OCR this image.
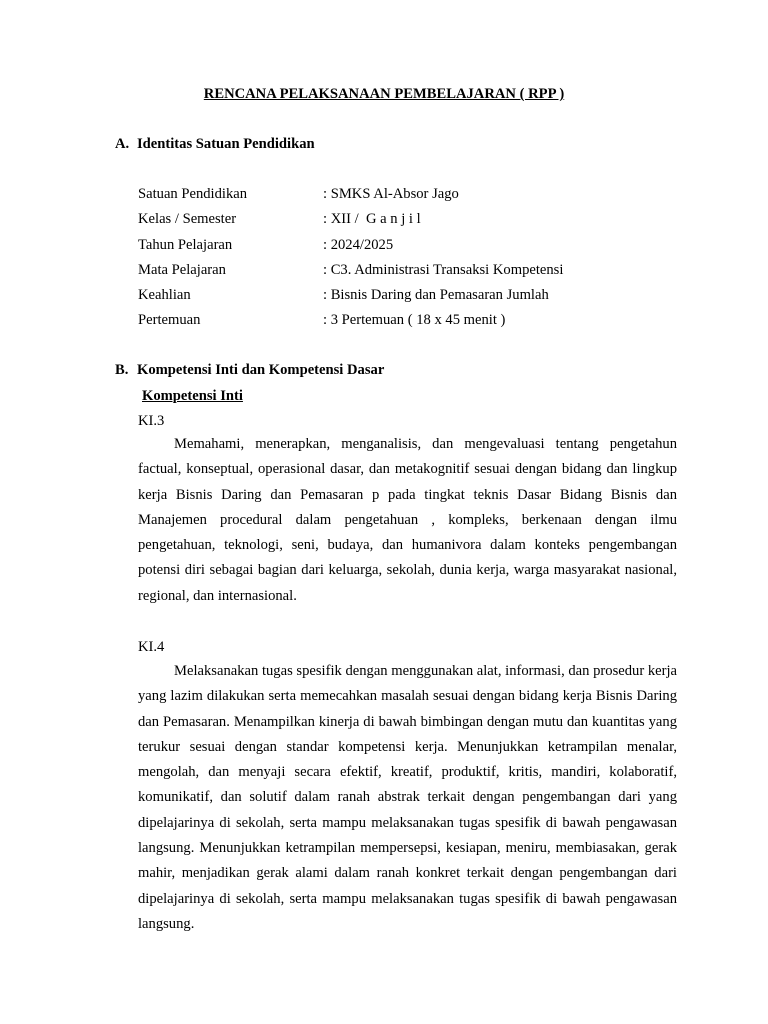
RENCANA PELAKSANAAN PEMBELAJARAN ( RPP )
A. Identitas Satuan Pendidikan
Satuan Pendidikan	: SMKS Al-Absor Jago
Kelas / Semester	: XII /  G a n j i l
Tahun Pelajaran	: 2024/2025
Mata Pelajaran	: C3. Administrasi Transaksi Kompetensi
Keahlian	: Bisnis Daring dan Pemasaran Jumlah
Pertemuan	: 3 Pertemuan ( 18 x 45 menit )
B. Kompetensi Inti dan Kompetensi Dasar
Kompetensi Inti
KI.3

Memahami, menerapkan, menganalisis, dan mengevaluasi tentang pengetahun factual, konseptual, operasional dasar, dan metakognitif sesuai dengan bidang dan lingkup kerja Bisnis Daring dan Pemasaran p pada tingkat teknis Dasar Bidang Bisnis dan Manajemen procedural dalam pengetahuan , kompleks, berkenaan dengan ilmu pengetahuan, teknologi, seni, budaya, dan humanivora dalam konteks pengembangan potensi diri sebagai bagian dari keluarga, sekolah, dunia kerja, warga masyarakat nasional, regional, dan internasional.

KI.4

Melaksanakan tugas spesifik dengan menggunakan alat, informasi, dan prosedur kerja yang lazim dilakukan serta memecahkan masalah sesuai dengan bidang kerja Bisnis Daring dan Pemasaran. Menampilkan kinerja di bawah bimbingan dengan mutu dan kuantitas yang terukur sesuai dengan standar kompetensi kerja. Menunjukkan ketrampilan menalar, mengolah, dan menyaji secara efektif, kreatif, produktif, kritis, mandiri, kolaboratif, komunikatif, dan solutif dalam ranah abstrak terkait dengan pengembangan dari yang dipelajarinya di sekolah, serta mampu melaksanakan tugas spesifik di bawah pengawasan langsung. Menunjukkan ketrampilan mempersepsi, kesiapan, meniru, membiasakan, gerak mahir, menjadikan gerak alami dalam ranah konkret terkait dengan pengembangan dari dipelajarinya di sekolah, serta mampu melaksanakan tugas spesifik di bawah pengawasan langsung.
